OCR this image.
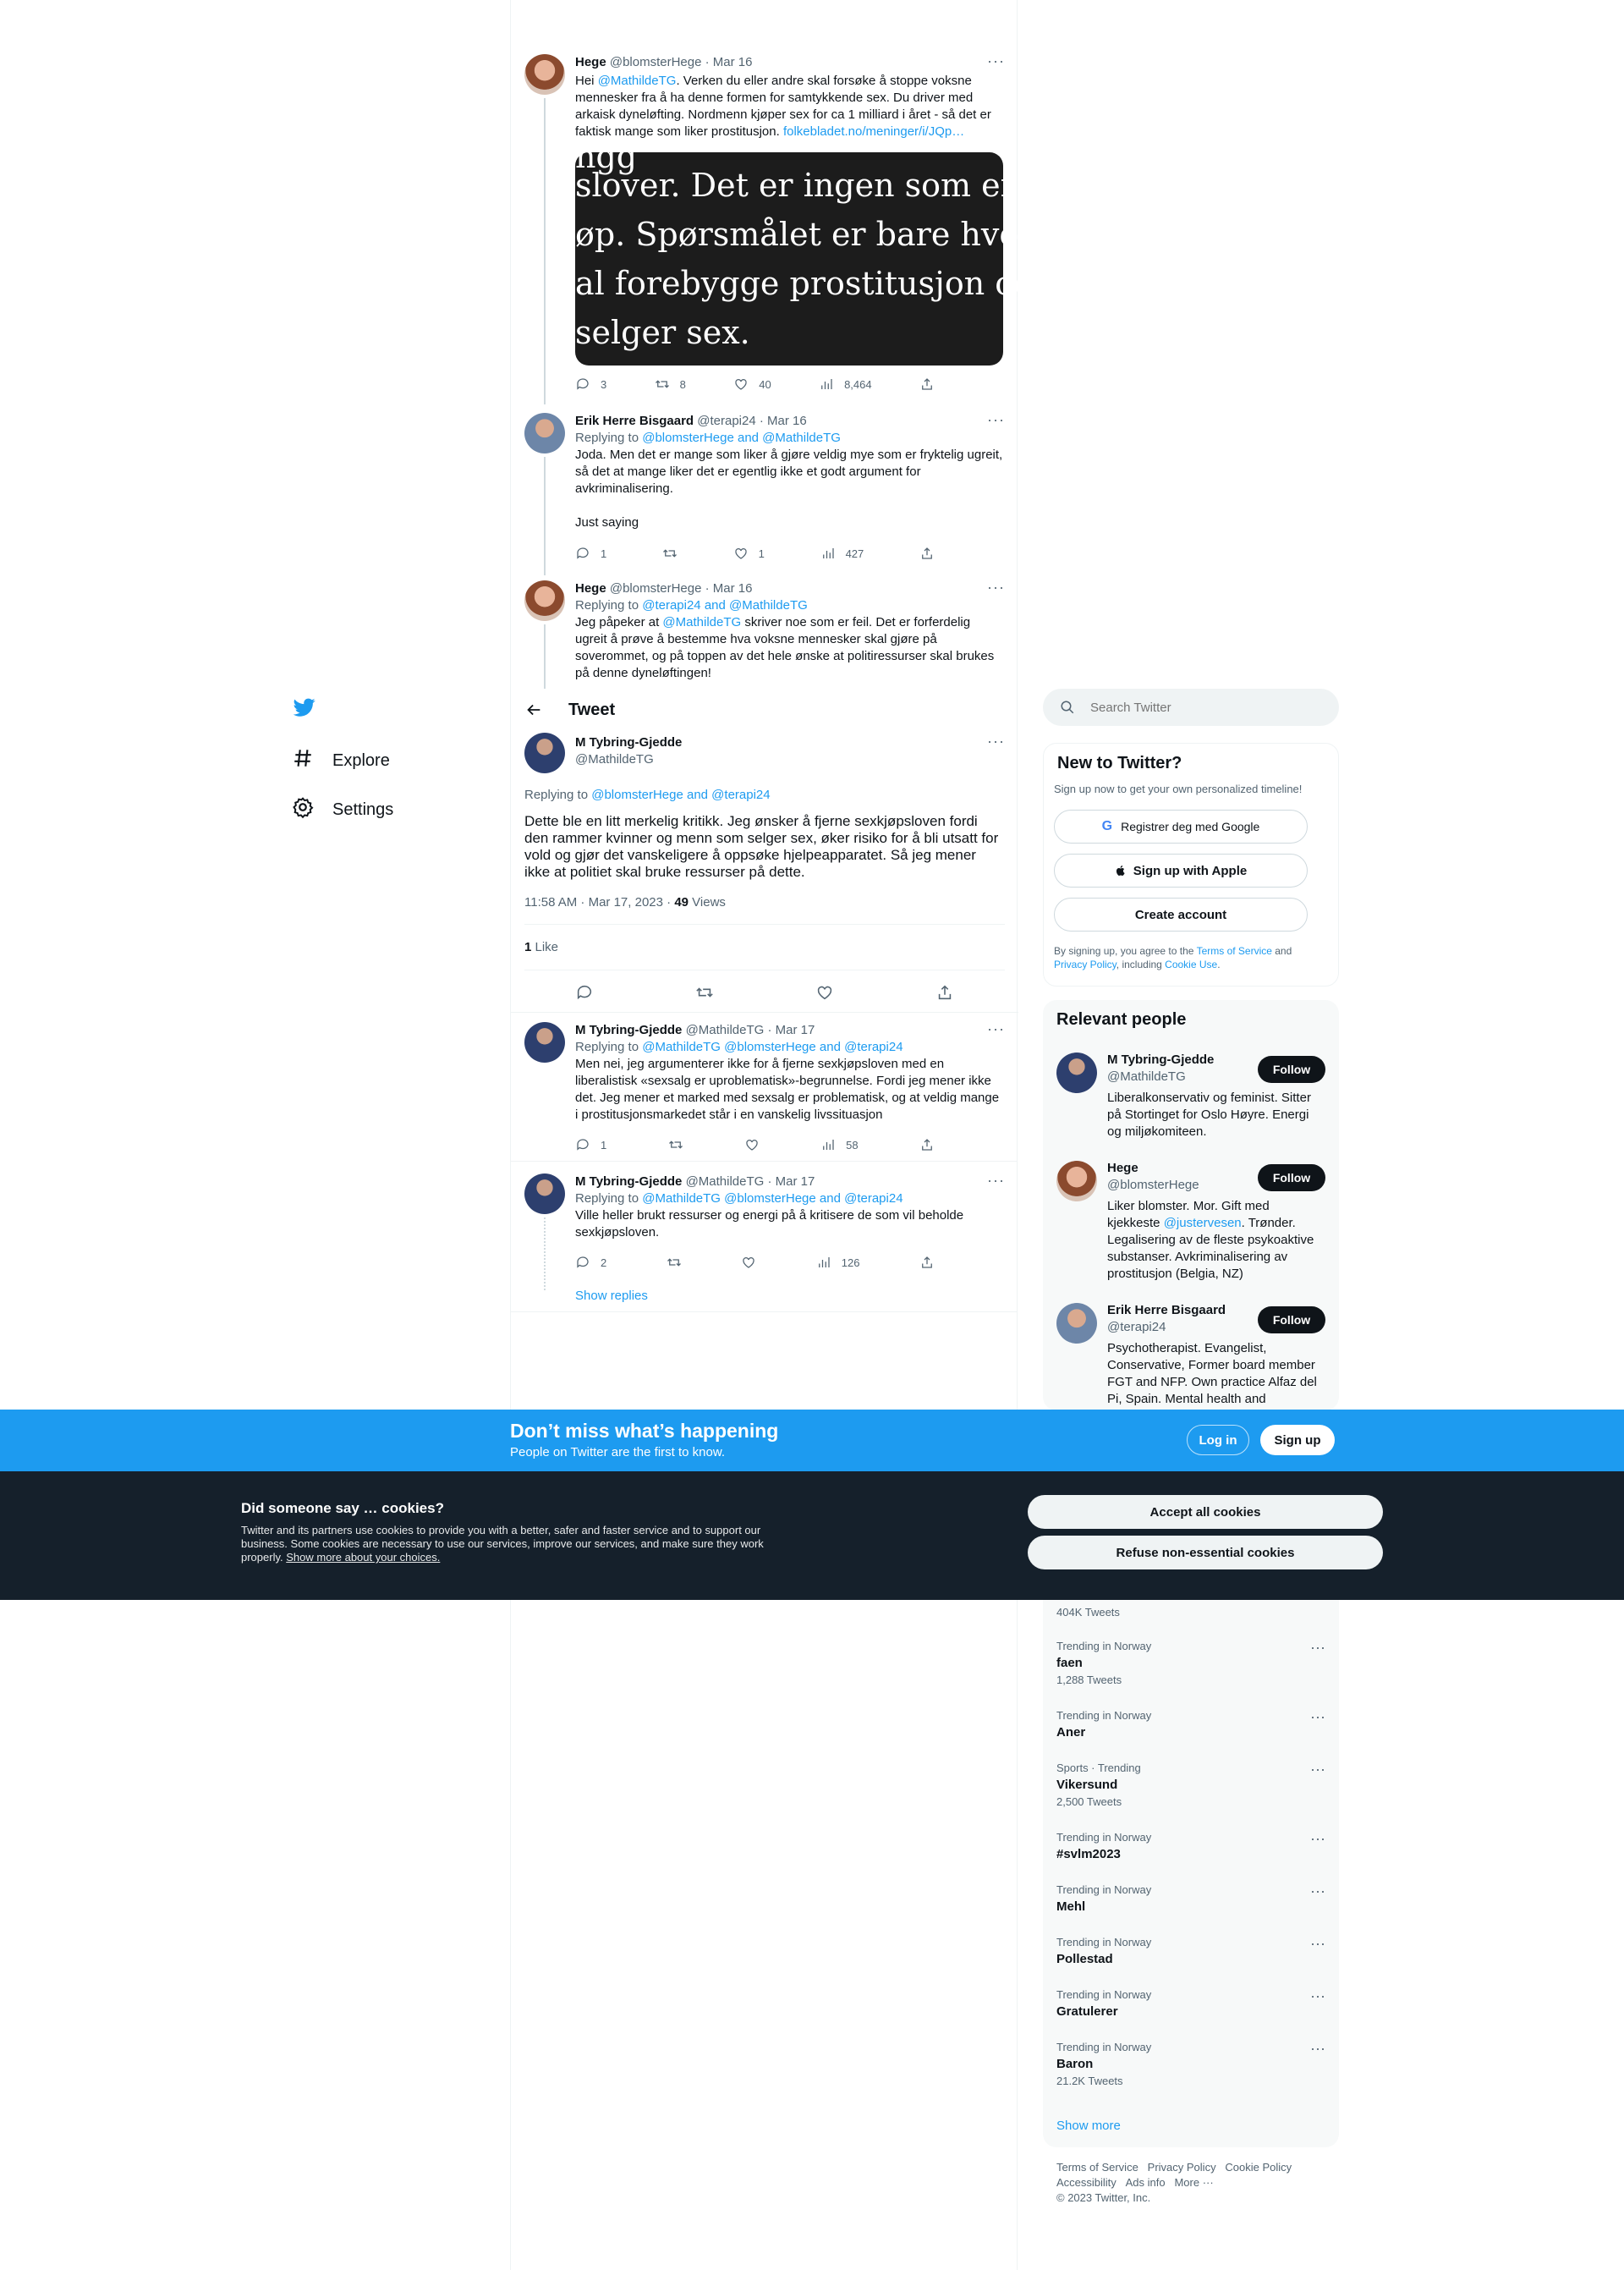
Explore
Settings
Hege @blomsterHege · Mar 16	···
Hei @MathildeTG. Verken du eller andre skal forsøke å stoppe voksne mennesker fra å ha denne formen for samtykkende sex. Du driver med arkaisk dyneløfting. Nordmenn kjøper sex for ca 1 milliard i året - så det er faktisk mange som liker prostitusjon. folkebladet.no/meninger/i/JQp…
ngg
slover. Det er ingen som er p
øp. Spørsmålet er bare hvord
al forebygge prostitusjon og h
selger sex.
3	8	40	8,464
Erik Herre Bisgaard @terapi24 · Mar 16	···
Replying to @blomsterHege and @MathildeTG
Joda. Men det er mange som liker å gjøre veldig mye som er fryktelig ugreit, så det at mange liker det er egentlig ikke et godt argument for avkriminalisering.
Just saying
1	1	427
Hege @blomsterHege · Mar 16	···
Replying to @terapi24 and @MathildeTG
Jeg påpeker at @MathildeTG skriver noe som er feil. Det er forferdelig ugreit å prøve å bestemme hva voksne mennesker skal gjøre på soverommet, og på toppen av det hele ønske at politiressurser skal brukes på denne dyneløftingen!
Tweet
M Tybring-Gjedde
@MathildeTG
···
Replying to @blomsterHege and @terapi24
Dette ble en litt merkelig kritikk. Jeg ønsker å fjerne sexkjøpsloven fordi den rammer kvinner og menn som selger sex, øker risiko for å bli utsatt for vold og gjør det vanskeligere å oppsøke hjelpeapparatet. Så jeg mener ikke at politiet skal bruke ressurser på dette.
11:58 AM · Mar 17, 2023 · 49 Views
1 Like
M Tybring-Gjedde @MathildeTG · Mar 17	···
Replying to @MathildeTG @blomsterHege and @terapi24
Men nei, jeg argumenterer ikke for å fjerne sexkjøpsloven med en liberalistisk «sexsalg er uproblematisk»-begrunnelse. Fordi jeg mener ikke det. Jeg mener et marked med sexsalg er problematisk, og at veldig mange i prostitusjonsmarkedet står i en vanskelig livssituasjon
1	58
M Tybring-Gjedde @MathildeTG · Mar 17	···
Replying to @MathildeTG @blomsterHege and @terapi24
Ville heller brukt ressurser og energi på å kritisere de som vil beholde sexkjøpsloven.
2	126
Show replies
Search Twitter
New to Twitter?
Sign up now to get your own personalized timeline!
G Registrer deg med Google
Sign up with Apple
Create account
By signing up, you agree to the Terms of Service and Privacy Policy, including Cookie Use.
Relevant people
M Tybring-Gjedde
@MathildeTG	Follow
Liberalkonservativ og feminist. Sitter på Stortinget for Oslo Høyre. Energi og miljøkomiteen.
Hege
@blomsterHege	Follow
Liker blomster. Mor. Gift med kjekkeste @justervesen. Trønder. Legalisering av de fleste psykoaktive substanser. Avkriminalisering av prostitusjon (Belgia, NZ)
Erik Herre Bisgaard
@terapi24	Follow
Psychotherapist. Evangelist, Conservative, Former board member FGT and NFP. Own practice Alfaz del Pi, Spain. Mental health and
404K Tweets
Trending in Norway
faen
1,288 Tweets
···
Trending in Norway
Aner
···
Sports · Trending
Vikersund
2,500 Tweets
···
Trending in Norway
#svlm2023
···
Trending in Norway
Mehl
···
Trending in Norway
Pollestad
···
Trending in Norway
Gratulerer
···
Trending in Norway
Baron
21.2K Tweets
···
Show more
Terms of Service Privacy Policy Cookie Policy
Accessibility Ads info More ···
© 2023 Twitter, Inc.
Don’t miss what’s happening
People on Twitter are the first to know.
Log in	Sign up
Did someone say … cookies?
Twitter and its partners use cookies to provide you with a better, safer and faster service and to support our business. Some cookies are necessary to use our services, improve our services, and make sure they work properly. Show more about your choices.
Accept all cookies
Refuse non-essential cookies
